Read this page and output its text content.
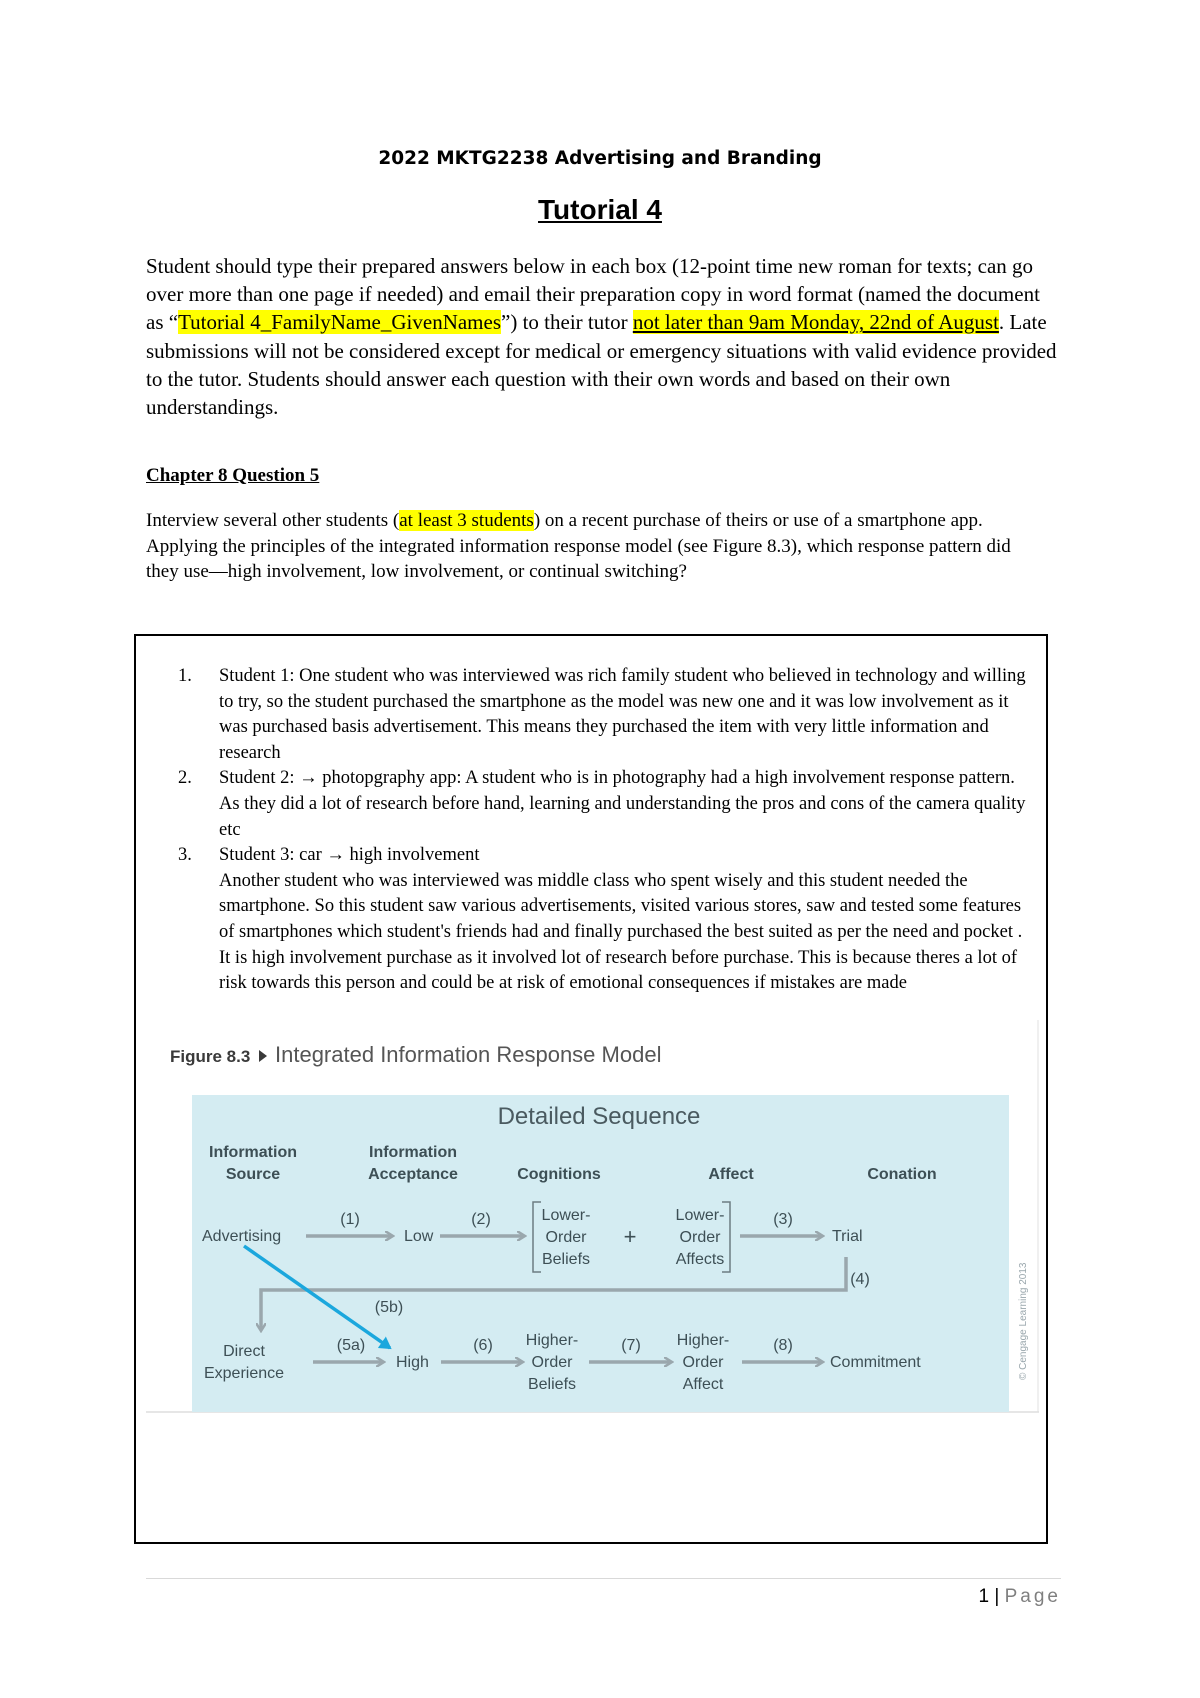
2022 MKTG2238 Advertising and Branding
Tutorial 4
Student should type their prepared answers below in each box (12-point time new roman for texts; can go over more than one page if needed) and email their preparation copy in word format (named the document as “Tutorial 4_FamilyName_GivenNames”) to their tutor not later than 9am Monday, 22nd of August. Late submissions will not be considered except for medical or emergency situations with valid evidence provided to the tutor. Students should answer each question with their own words and based on their own understandings.
Chapter 8 Question 5
Interview several other students (at least 3 students) on a recent purchase of theirs or use of a smartphone app. Applying the principles of the integrated information response model (see Figure 8.3), which response pattern did they use—high involvement, low involvement, or continual switching?
1. Student 1: One student who was interviewed was rich family student who believed in technology and willing to try, so the student purchased the smartphone as the model was new one and it was low involvement as it was purchased basis advertisement. This means they purchased the item with very little information and research
2. Student 2: → photopgraphy app: A student who is in photography had a high involvement response pattern. As they did a lot of research before hand, learning and understanding the pros and cons of the camera quality etc
3. Student 3: car → high involvement
Another student who was interviewed was middle class who spent wisely and this student needed the smartphone. So this student saw various advertisements, visited various stores, saw and tested some features of smartphones which student's friends had and finally purchased the best suited as per the need and pocket . It is high involvement purchase as it involved lot of research before purchase. This is because theres a lot of risk towards this person and could be at risk of emotional consequences if mistakes are made
Figure 8.3 Integrated Information Response Model
Detailed Sequence
Information
Source
Information
Acceptance	Cognitions	Affect	Conation
Advertising	Low
Lower-
Order
Beliefs
+
Lower-
Order
Affects
Trial
Direct
Experience
High
Higher-
Order
Beliefs
Higher-
Order
Affect
Commitment
(1)	(2)	(3)
(4)
(5a)
(5b)
(6)	(7)	(8)	© Cengage Learning 2013
1 | Page
